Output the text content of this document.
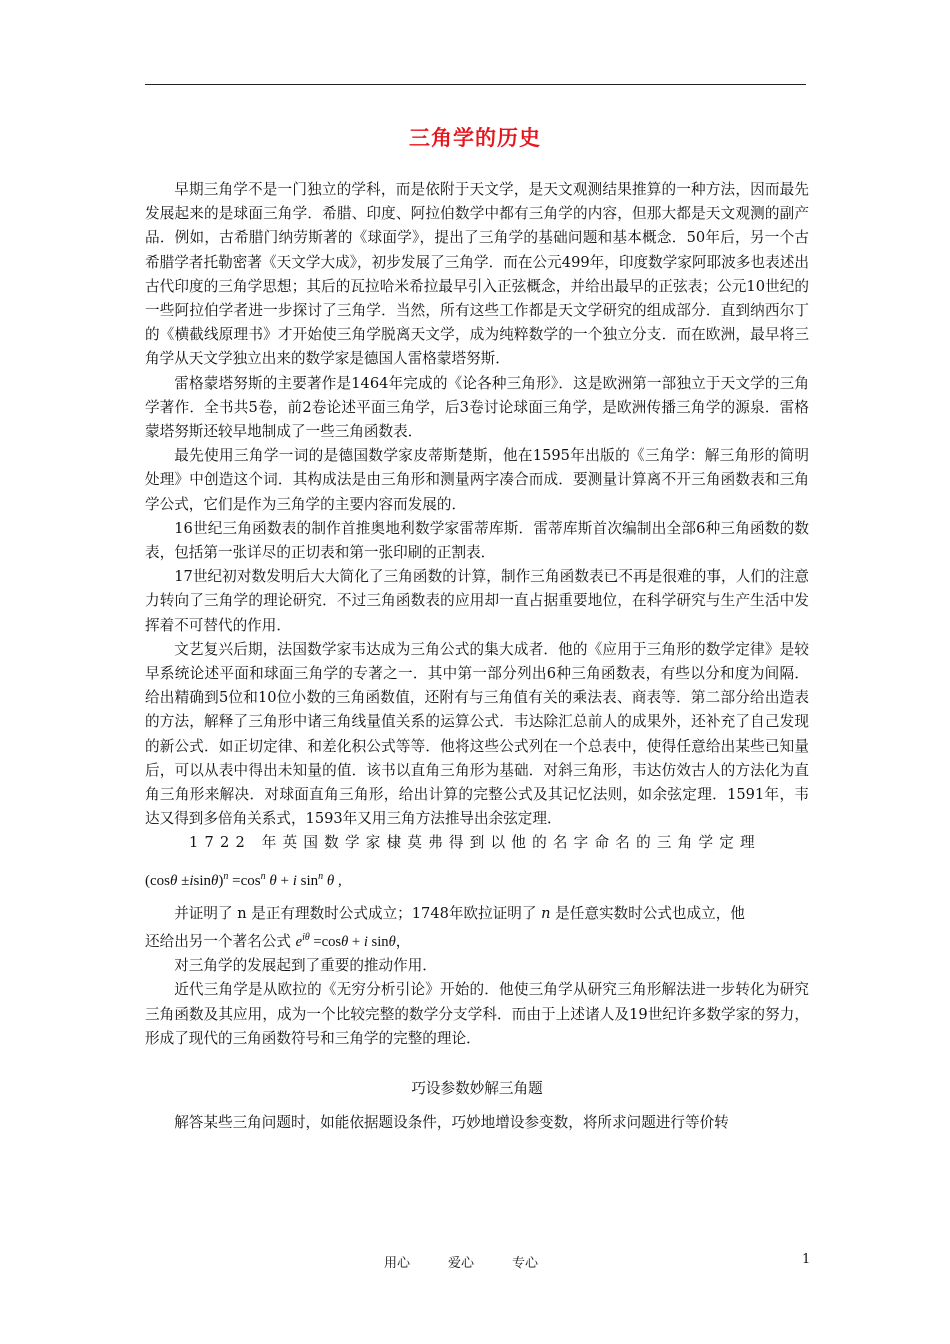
三角学的历史

早期三角学不是一门独立的学科，而是依附于天文学，是天文观测结果推算的一种方法，因而最先发展起来的是球面三角学．希腊、印度、阿拉伯数学中都有三角学的内容，但那大都是天文观测的副产品．例如，古希腊门纳劳斯著的《球面学》，提出了三角学的基础问题和基本概念．50年后，另一个古希腊学者托勒密著《天文学大成》，初步发展了三角学．而在公元499年，印度数学家阿耶波多也表述出古代印度的三角学思想；其后的瓦拉哈米希拉最早引入正弦概念，并给出最早的正弦表；公元10世纪的一些阿拉伯学者进一步探讨了三角学．当然，所有这些工作都是天文学研究的组成部分．直到纳西尔丁的《横截线原理书》才开始使三角学脱离天文学，成为纯粹数学的一个独立分支．而在欧洲，最早将三角学从天文学独立出来的数学家是德国人雷格蒙塔努斯．

雷格蒙塔努斯的主要著作是1464年完成的《论各种三角形》．这是欧洲第一部独立于天文学的三角学著作．全书共5卷，前2卷论述平面三角学，后3卷讨论球面三角学，是欧洲传播三角学的源泉．雷格蒙塔努斯还较早地制成了一些三角函数表．

最先使用三角学一词的是德国数学家皮蒂斯楚斯，他在1595年出版的《三角学：解三角形的简明处理》中创造这个词．其构成法是由三角形和测量两字凑合而成．要测量计算离不开三角函数表和三角学公式，它们是作为三角学的主要内容而发展的．

16世纪三角函数表的制作首推奥地利数学家雷蒂库斯．雷蒂库斯首次编制出全部6种三角函数的数表，包括第一张详尽的正切表和第一张印刷的正割表．

17世纪初对数发明后大大简化了三角函数的计算，制作三角函数表已不再是很难的事，人们的注意力转向了三角学的理论研究．不过三角函数表的应用却一直占据重要地位，在科学研究与生产生活中发挥着不可替代的作用．

文艺复兴后期，法国数学家韦达成为三角公式的集大成者．他的《应用于三角形的数学定律》是较早系统论述平面和球面三角学的专著之一．其中第一部分列出6种三角函数表，有些以分和度为间隔．给出精确到5位和10位小数的三角函数值，还附有与三角值有关的乘法表、商表等．第二部分给出造表的方法，解释了三角形中诸三角线量值关系的运算公式．韦达除汇总前人的成果外，还补充了自己发现的新公式．如正切定律、和差化积公式等等．他将这些公式列在一个总表中，使得任意给出某些已知量后，可以从表中得出未知量的值．该书以直角三角形为基础．对斜三角形，韦达仿效古人的方法化为直角三角形来解决．对球面直角三角形，给出计算的完整公式及其记忆法则，如余弦定理．1591年，韦达又得到多倍角关系式，1593年又用三角方法推导出余弦定理．

1722 年英国数学家棣莫弗得到以他的名字命名的三角学定理

$(\cos\theta \pm isin\theta)^n =\cos^n$ θ + i $\sin^n \theta$ ,

并证明了 n 是正有理数时公式成立；1748年欧拉证明了 n 是任意实数时公式也成立，他
还给出另一个著名公式 $e^{i\theta} =\cos\theta + i$ sinθ，

对三角学的发展起到了重要的推动作用．

近代三角学是从欧拉的《无穷分析引论》开始的．他使三角学从研究三角形解法进一步转化为研究三角函数及其应用，成为一个比较完整的数学分支学科．而由于上述诸人及19世纪许多数学家的努力，形成了现代的三角函数符号和三角学的完整的理论．

巧设参数妙解三角题

解答某些三角问题时，如能依据题设条件，巧妙地增设参变数，将所求问题进行等价转

用心	爱心	专心	1
